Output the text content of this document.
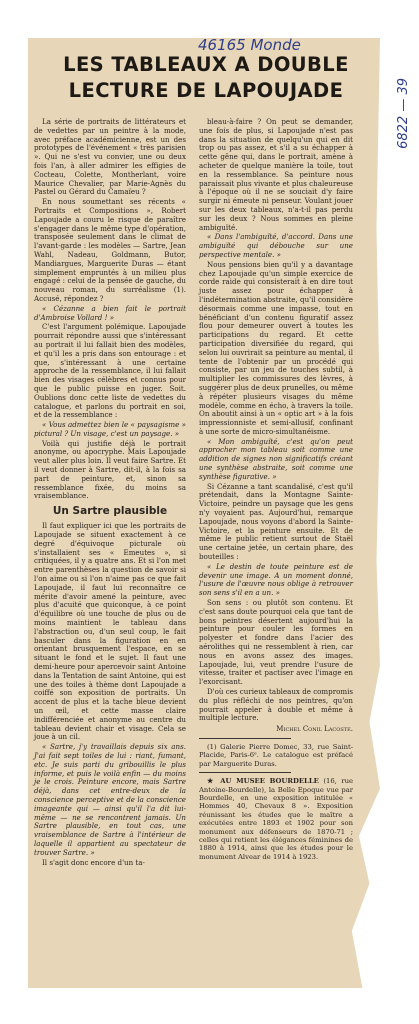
46165 Monde
6822 — 39
LES TABLEAUX A DOUBLE
LECTURE DE LAPOUJADE

La série de portraits de littérateurs et de vedettes par un peintre à la mode, avec préface académicienne, est un des prototypes de l'événement « très parisien ». Qui ne s'est vu convier, une ou deux fois l'an, à aller admirer les effigies de Cocteau, Colette, Montherlant, voire Maurice Chevalier, par Marie-Agnès du Pastel ou Gérard du Camaïeu ?

En nous soumettant ses récents « Portraits et Compositions », Robert Lapoujade a couru le risque de paraître s'engager dans le même type d'opération, transposée seulement dans le climat de l'avant-garde : les modèles — Sartre, Jean Wahl, Nadeau, Goldmann, Butor, Mandiargues, Marguerite Duras — étant simplement empruntés à un milieu plus engagé : celui de la pensée de gauche, du nouveau roman, du surréalisme (1). Accusé, répondez ?

« Cézanne a bien fait le portrait d'Ambroise Vollard ! »

C'est l'argument polémique. Lapoujade pourrait répondre aussi que s'intéressant au portrait il lui fallait bien des modèles, et qu'il les a pris dans son entourage : et que, s'intéressant à une certaine approche de la ressemblance, il lui fallait bien des visages célèbres et connus pour que le public puisse en juger. Soit. Oublions donc cette liste de vedettes du catalogue, et parlons du portrait en soi, et de la ressemblance :

« Vous admettez bien le « paysagisme » pictural ? Un visage, c'est un paysage. »

Voilà qui justifie déjà le portrait anonyme, ou apocryphe. Mais Lapoujade veut aller plus loin. Il veut faire Sartre. Et il veut donner à Sartre, dit-il, à la fois sa part de peinture, et, sinon sa ressemblance fixée, du moins sa vraisemblance.

Un Sartre plausible

Il faut expliquer ici que les portraits de Lapoujade se situent exactement à ce degré d'équivoque picturale où s'installaient ses « Emeutes », si critiquées, il y a quatre ans. Et si l'on met entre parenthèses la question de savoir si l'on aime ou si l'on n'aime pas ce que fait Lapoujade, il faut lui reconnaître ce mérite d'avoir amené la peinture, avec plus d'acuité que quiconque, à ce point d'équilibre où une touche de plus ou de moins maintient le tableau dans l'abstraction ou, d'un seul coup, le fait basculer dans la figuration en en orientant brusquement l'espace, en se situant le fond et le sujet. Il faut une demi-heure pour apercevoir saint Antoine dans la Tentation de saint Antoine, qui est une des toiles à thème dont Lapoujade a coiffé son exposition de portraits. Un accent de plus et la tache bleue devient un œil, et cette masse claire indifférenciée et anonyme au centre du tableau devient chair et visage. Cela se joue à un cil.

« Sartre, j'y travaillais depuis six ans. J'ai fait sept toiles de lui : riant, fumant, etc. Je suis parti du gribouillis le plus informe, et puis le voilà enfin — du moins je le crois. Peinture encore, mais Sartre déjà, dans cet entre-deux de la conscience perceptive et de la conscience imageante qui — ainsi qu'il l'a dit lui-même — ne se rencontrent jamais. Un Sartre plausible, en tout cas, une vraisemblance de Sartre à l'intérieur de laquelle il appartient au spectateur de trouver Sartre. »

Il s'agit donc encore d'un ta-

bleau-à-faire ? On peut se demander, une fois de plus, si Lapoujade n'est pas dans la situation de quelqu'un qui en dit trop ou pas assez, et s'il a su échapper à cette gêne qui, dans le portrait, amène à acheter de quelque manière la toile, tout en la ressemblance. Sa peinture nous paraissait plus vivante et plus chaleureuse à l'époque où il ne se souciait d'y faire surgir ni émeute ni penseur. Voulant jouer sur les deux tableaux, n'a-t-il pas perdu sur les deux ? Nous sommes en pleine ambiguïté.

« Dans l'ambiguïté, d'accord. Dans une ambiguïté qui débouche sur une perspective mentale. »

Nous pensions bien qu'il y a davantage chez Lapoujade qu'un simple exercice de corde raide qui consisterait à en dire tout juste assez pour échapper à l'indétermination abstraite, qu'il considère désormais comme une impasse, tout en bénéficiant d'un contenu figuratif assez flou pour demeurer ouvert à toutes les participations du regard. Et cette participation diversifiée du regard, qui selon lui ouvrirait sa peinture au mental, il tente de l'obtenir par un procédé qui consiste, par un jeu de touches subtil, à multiplier les commissures des lèvres, à suggérer plus de deux prunelles, ou même à répéter plusieurs visages du même modèle, comme en écho, à travers la toile. On aboutit ainsi à un « optic art » à la fois impressionniste et semi-allusif, confinant à une sorte de micro-simultanéisme.

« Mon ambiguïté, c'est qu'on peut approcher mon tableau soit comme une addition de signes non significatifs créant une synthèse abstraite, soit comme une synthèse figurative. »

Si Cézanne a tant scandalisé, c'est qu'il prétendait, dans la Montagne Sainte-Victoire, peindre un paysage que les gens n'y voyaient pas. Aujourd'hui, remarque Lapoujade, nous voyons d'abord la Sainte-Victoire, et la peinture ensuite. Et de même le public retient surtout de Staël une certaine jetée, un certain phare, des bouteilles :

« Le destin de toute peinture est de devenir une image. A un moment donné, l'usure de l'œuvre nous oblige à retrouver son sens s'il en a un. »

Son sens : ou plutôt son contenu. Et c'est sans doute pourquoi cela que tant de bons peintres désertent aujourd'hui la peinture pour couler les formes en polyester et fondre dans l'acier des aérolithes qui ne ressemblent à rien, car nous en avons assez des images. Lapoujade, lui, veut prendre l'usure de vitesse, traiter et pactiser avec l'image en l'exorcisant.

D'où ces curieux tableaux de compromis du plus réfléchi de nos peintres, qu'on pourrait appeler à double et même à multiple lecture.

Michel Conil Lacoste.

(1) Galerie Pierre Domec, 33, rue Saint-Placide, Paris-6ᵉ. Le catalogue est préfacé par Marguerite Duras.

★ AU MUSEE BOURDELLE (16, rue Antoine-Bourdelle), la Belle Epoque vue par Bourdelle, en une exposition intitulée « Hommes 40, Chevaux 8 ». Exposition réunissant les études que le maître a exécutées entre 1893 et 1902 pour son monument aux défenseurs de 1870-71 ; celles qui retient les élégances féminines de 1880 à 1914, ainsi que les études pour le monument Alvear de 1914 à 1923.
